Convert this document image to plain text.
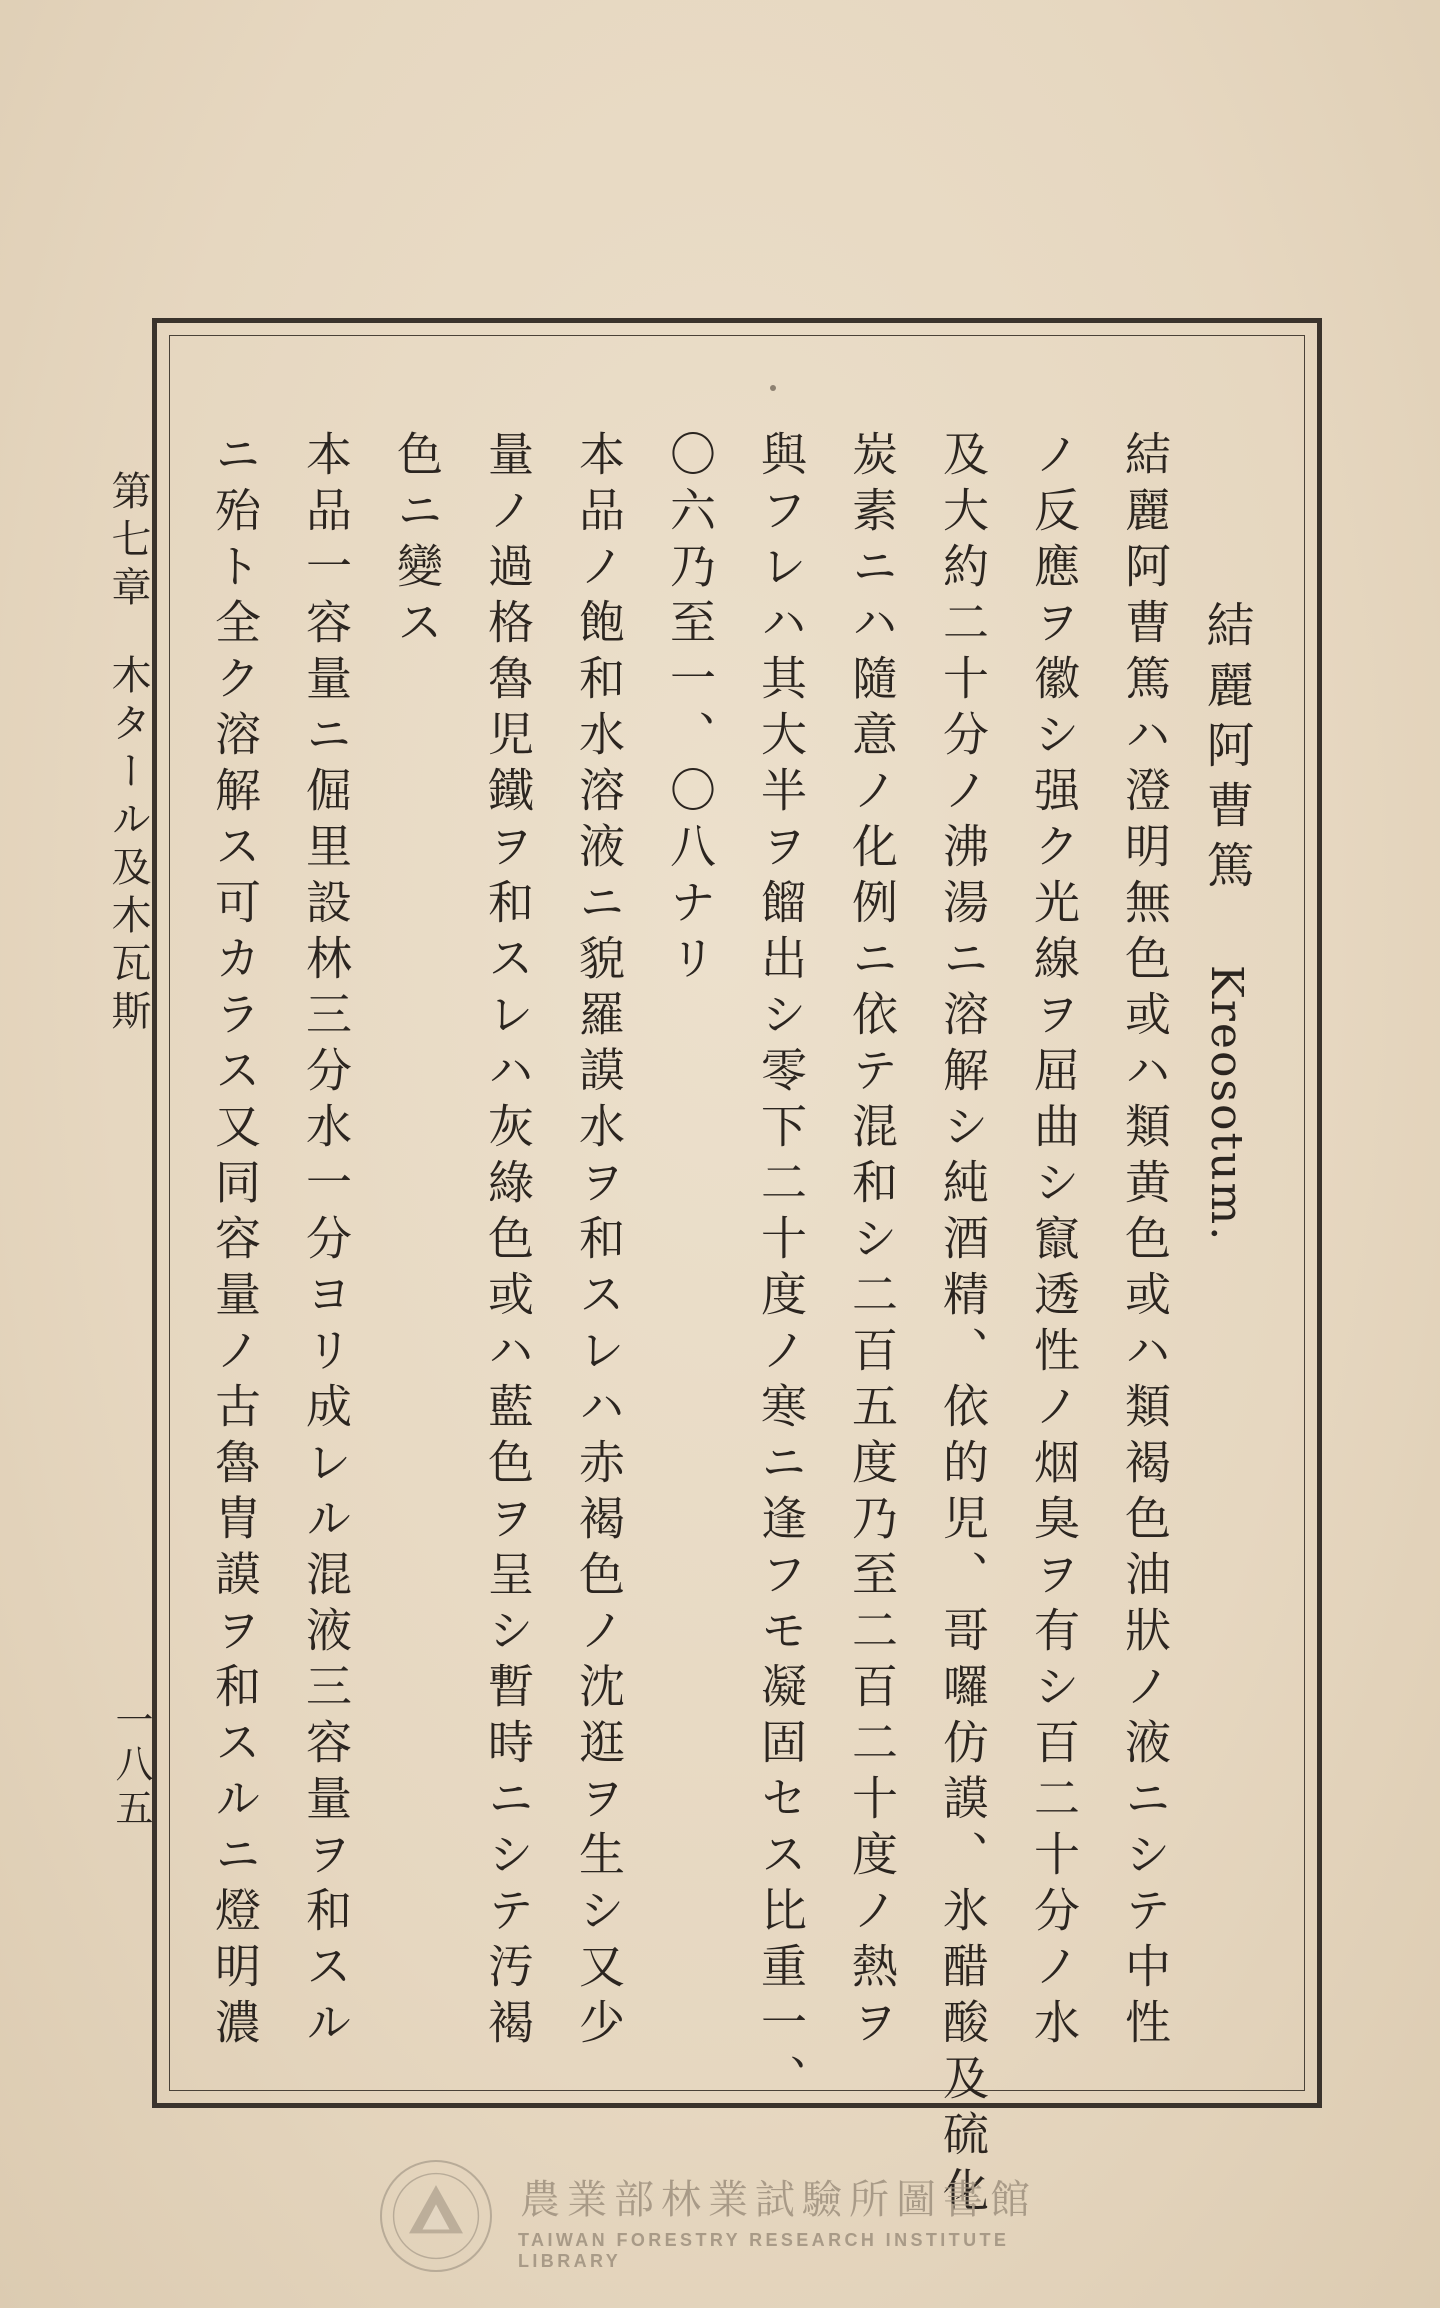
結麗阿曹篤 Kreosotum.
結麗阿曹篤ハ澄明無色或ハ類黄色或ハ類褐色油狀ノ液ニシテ中性
ノ反應ヲ徽シ强ク光線ヲ屈曲シ竄透性ノ烟臭ヲ有シ百二十分ノ水
及大約二十分ノ沸湯ニ溶解シ純酒精、依的児、哥囉仿謨、氷醋酸及硫化
炭素ニハ隨意ノ化例ニ依テ混和シ二百五度乃至二百二十度ノ熱ヲ
與フレハ其大半ヲ餾出シ零下二十度ノ寒ニ逢フモ凝固セス比重一、
〇六乃至一、〇八ナリ
本品ノ飽和水溶液ニ貌羅謨水ヲ和スレハ赤褐色ノ沈逛ヲ生シ又少
量ノ過格魯児鐵ヲ和スレハ灰綠色或ハ藍色ヲ呈シ暫時ニシテ汚褐
色ニ變ス
本品一容量ニ倔里設林三分水一分ヨリ成レル混液三容量ヲ和スル
ニ殆ト全ク溶解ス可カラス又同容量ノ古魯胄謨ヲ和スルニ燈明濃
第七章木タール及木瓦斯
一八五
農業部林業試驗所圖書館
TAIWAN FORESTRY RESEARCH INSTITUTE LIBRARY
